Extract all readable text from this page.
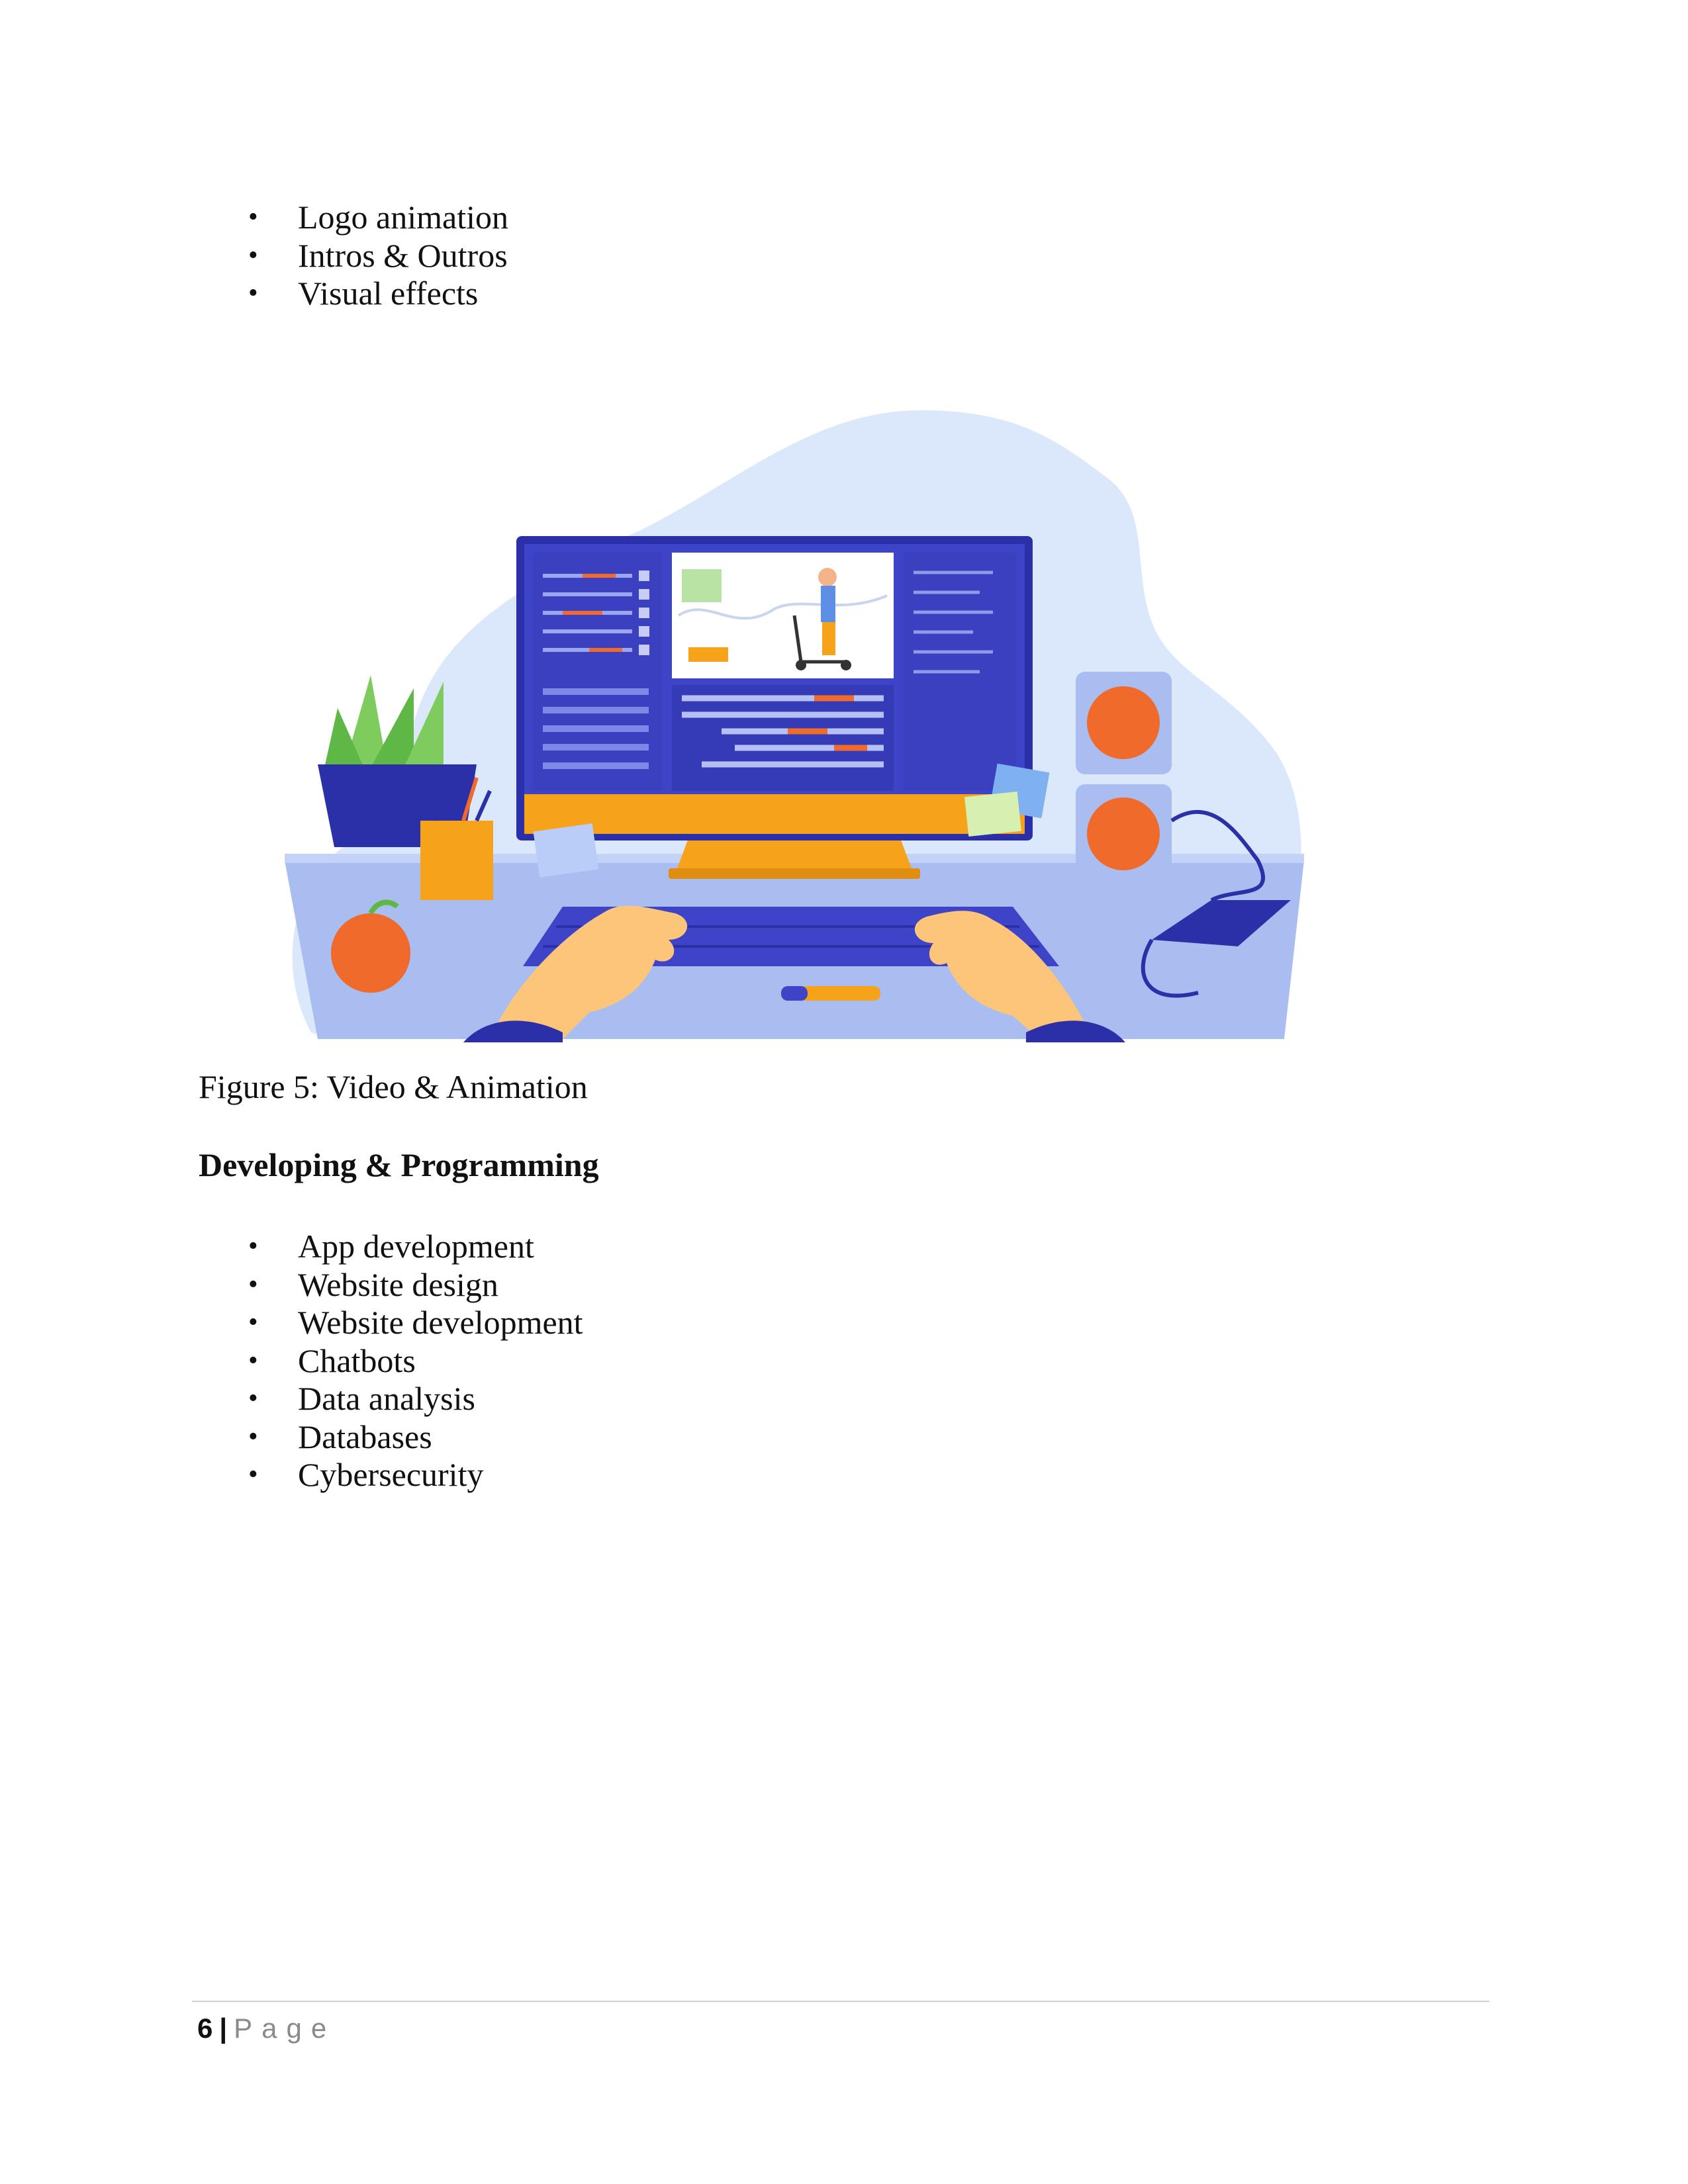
• Logo animation
• Intros & Outros
• Visual effects
Figure 5: Video & Animation
Developing & Programming
• App development
• Website design
• Website development
• Chatbots
• Data analysis
• Databases
• Cybersecurity
6 | Page
